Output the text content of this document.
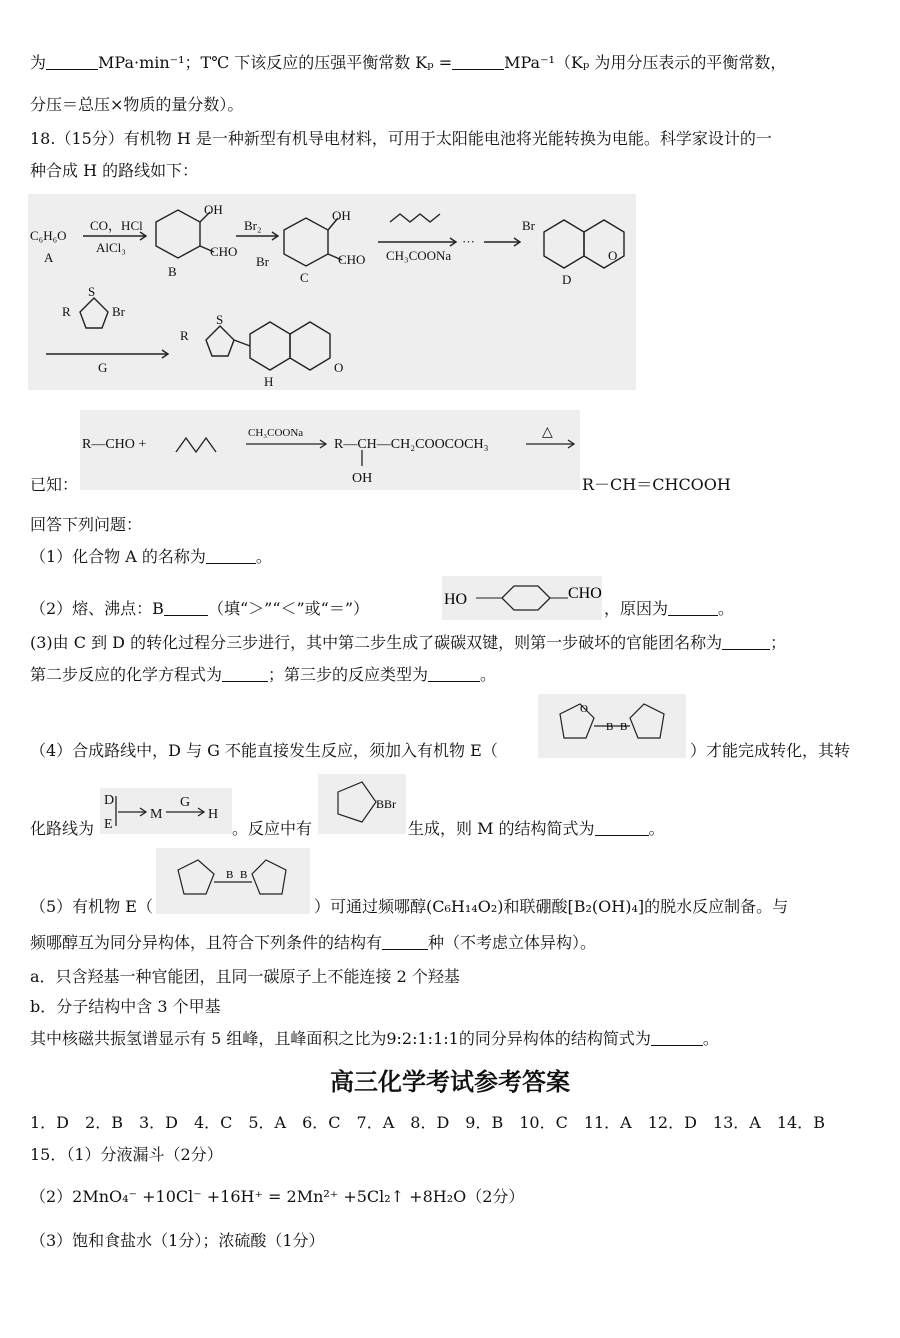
为	MPa·min⁻¹；T℃ 下该反应的压强平衡常数 Kₚ =	MPa⁻¹（Kₚ 为用分压表示的平衡常数，
分压＝总压×物质的量分数）。
18.（15分）有机物 H 是一种新型有机导电材料，可用于太阳能电池将光能转换为电能。科学家设计的一
种合成 H 的路线如下：
C₆H₆O
A
CO，HCl
AlCl₃
OH
CHO
B
Br₂
OH
CHO
Br
C
CH₃COONa
···
Br
O
D
S
R	Br
G
R
S
O
H
R—CHO +
CH₃COONa
R—CH—CH₂COOCOCH₃
OH
△
已知：	R－CH＝CHCOOH
回答下列问题：
（1）化合物 A 的名称为	。
（2）熔、沸点：B	（填“＞”“＜”或“＝”）	HO	CHO
，原因为	。
(3)由 C 到 D 的转化过程分三步进行，其中第二步生成了碳碳双键，则第一步破坏的官能团名称为	；
第二步反应的化学方程式为	；第三步的反应类型为	。
（4）合成路线中，D 与 G 不能直接发生反应，须加入有机物 E（
O
B B
）才能完成转化，其转
化路线为
D
E
M
G
H
。反应中有
BBr
生成，则 M 的结构简式为	。
（5）有机物 E（
B B
）可通过频哪醇(C₆H₁₄O₂)和联硼酸[B₂(OH)₄]的脱水反应制备。与
频哪醇互为同分异构体，且符合下列条件的结构有	种（不考虑立体异构）。
a．只含羟基一种官能团，且同一碳原子上不能连接 2 个羟基
b．分子结构中含 3 个甲基
其中核磁共振氢谱显示有 5 组峰，且峰面积之比为9:2:1:1:1的同分异构体的结构简式为	。
高三化学考试参考答案
1．D　2．B　3．D　4．C　5．A　6．C　7．A　8．D　9．B　10．C　11．A　12．D　13．A　14．B
15．（1）分液漏斗（2分）
（2）2MnO₄⁻ +10Cl⁻ +16H⁺ = 2Mn²⁺ +5Cl₂↑ +8H₂O（2分）
（3）饱和食盐水（1分）；浓硫酸（1分）
